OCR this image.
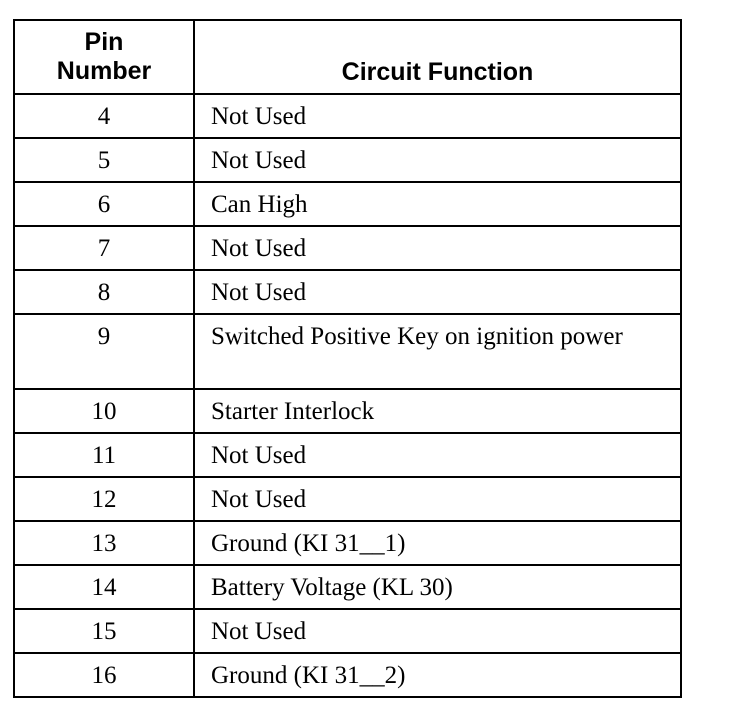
Pin
Number	Circuit Function
4	Not Used
5	Not Used
6	Can High
7	Not Used
8	Not Used
9	Switched Positive Key on ignition power
10	Starter Interlock
11	Not Used
12	Not Used
13	Ground (KI 31__1)
14	Battery Voltage (KL 30)
15	Not Used
16	Ground (KI 31__2)
